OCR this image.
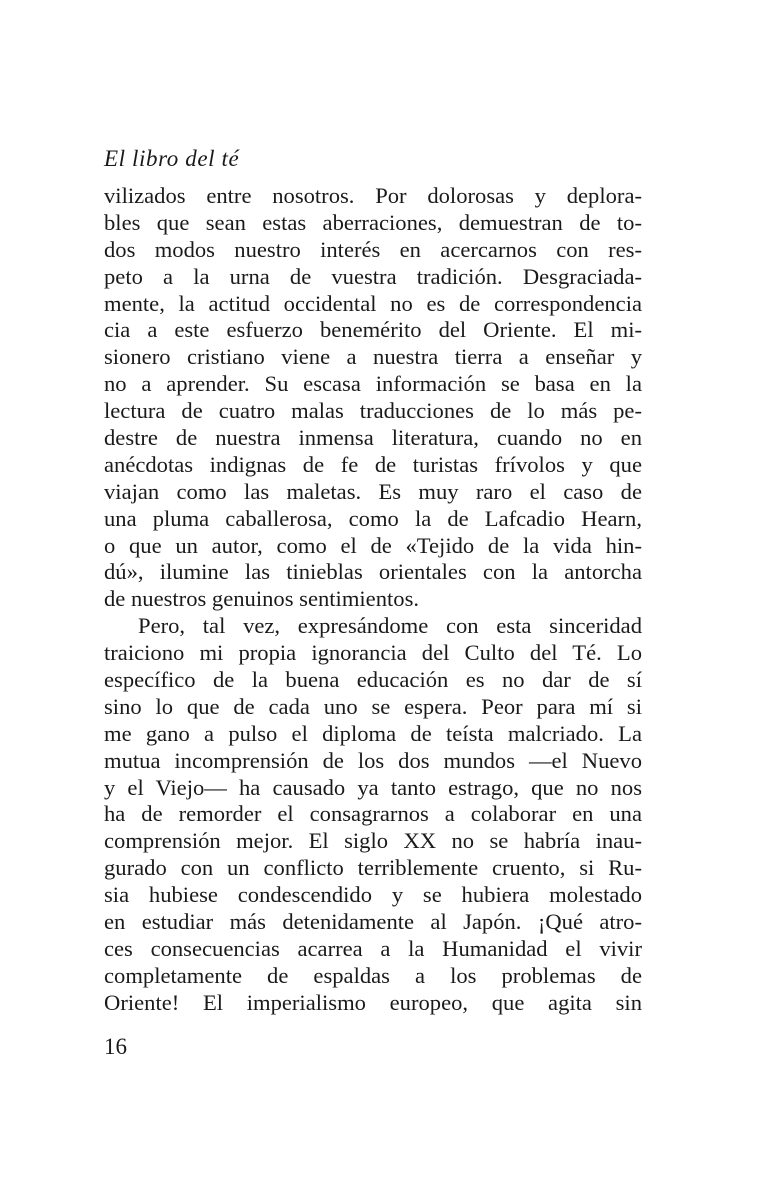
El libro del té
vilizados entre nosotros. Por dolorosas y deplora-
bles que sean estas aberraciones, demuestran de to-
dos modos nuestro interés en acercarnos con res-
peto a la urna de vuestra tradición. Desgraciada-
mente, la actitud occidental no es de correspondencia
cia a este esfuerzo benemérito del Oriente. El mi-
sionero cristiano viene a nuestra tierra a enseñar y
no a aprender. Su escasa información se basa en la
lectura de cuatro malas traducciones de lo más pe-
destre de nuestra inmensa literatura, cuando no en
anécdotas indignas de fe de turistas frívolos y que
viajan como las maletas. Es muy raro el caso de
una pluma caballerosa, como la de Lafcadio Hearn,
o que un autor, como el de «Tejido de la vida hin-
dú», ilumine las tinieblas orientales con la antorcha
de nuestros genuinos sentimientos.
Pero, tal vez, expresándome con esta sinceridad
traiciono mi propia ignorancia del Culto del Té. Lo
específico de la buena educación es no dar de sí
sino lo que de cada uno se espera. Peor para mí si
me gano a pulso el diploma de teísta malcriado. La
mutua incomprensión de los dos mundos —el Nuevo
y el Viejo— ha causado ya tanto estrago, que no nos
ha de remorder el consagrarnos a colaborar en una
comprensión mejor. El siglo XX no se habría inau-
gurado con un conflicto terriblemente cruento, si Ru-
sia hubiese condescendido y se hubiera molestado
en estudiar más detenidamente al Japón. ¡Qué atro-
ces consecuencias acarrea a la Humanidad el vivir
completamente de espaldas a los problemas de
Oriente! El imperialismo europeo, que agita sin
16
